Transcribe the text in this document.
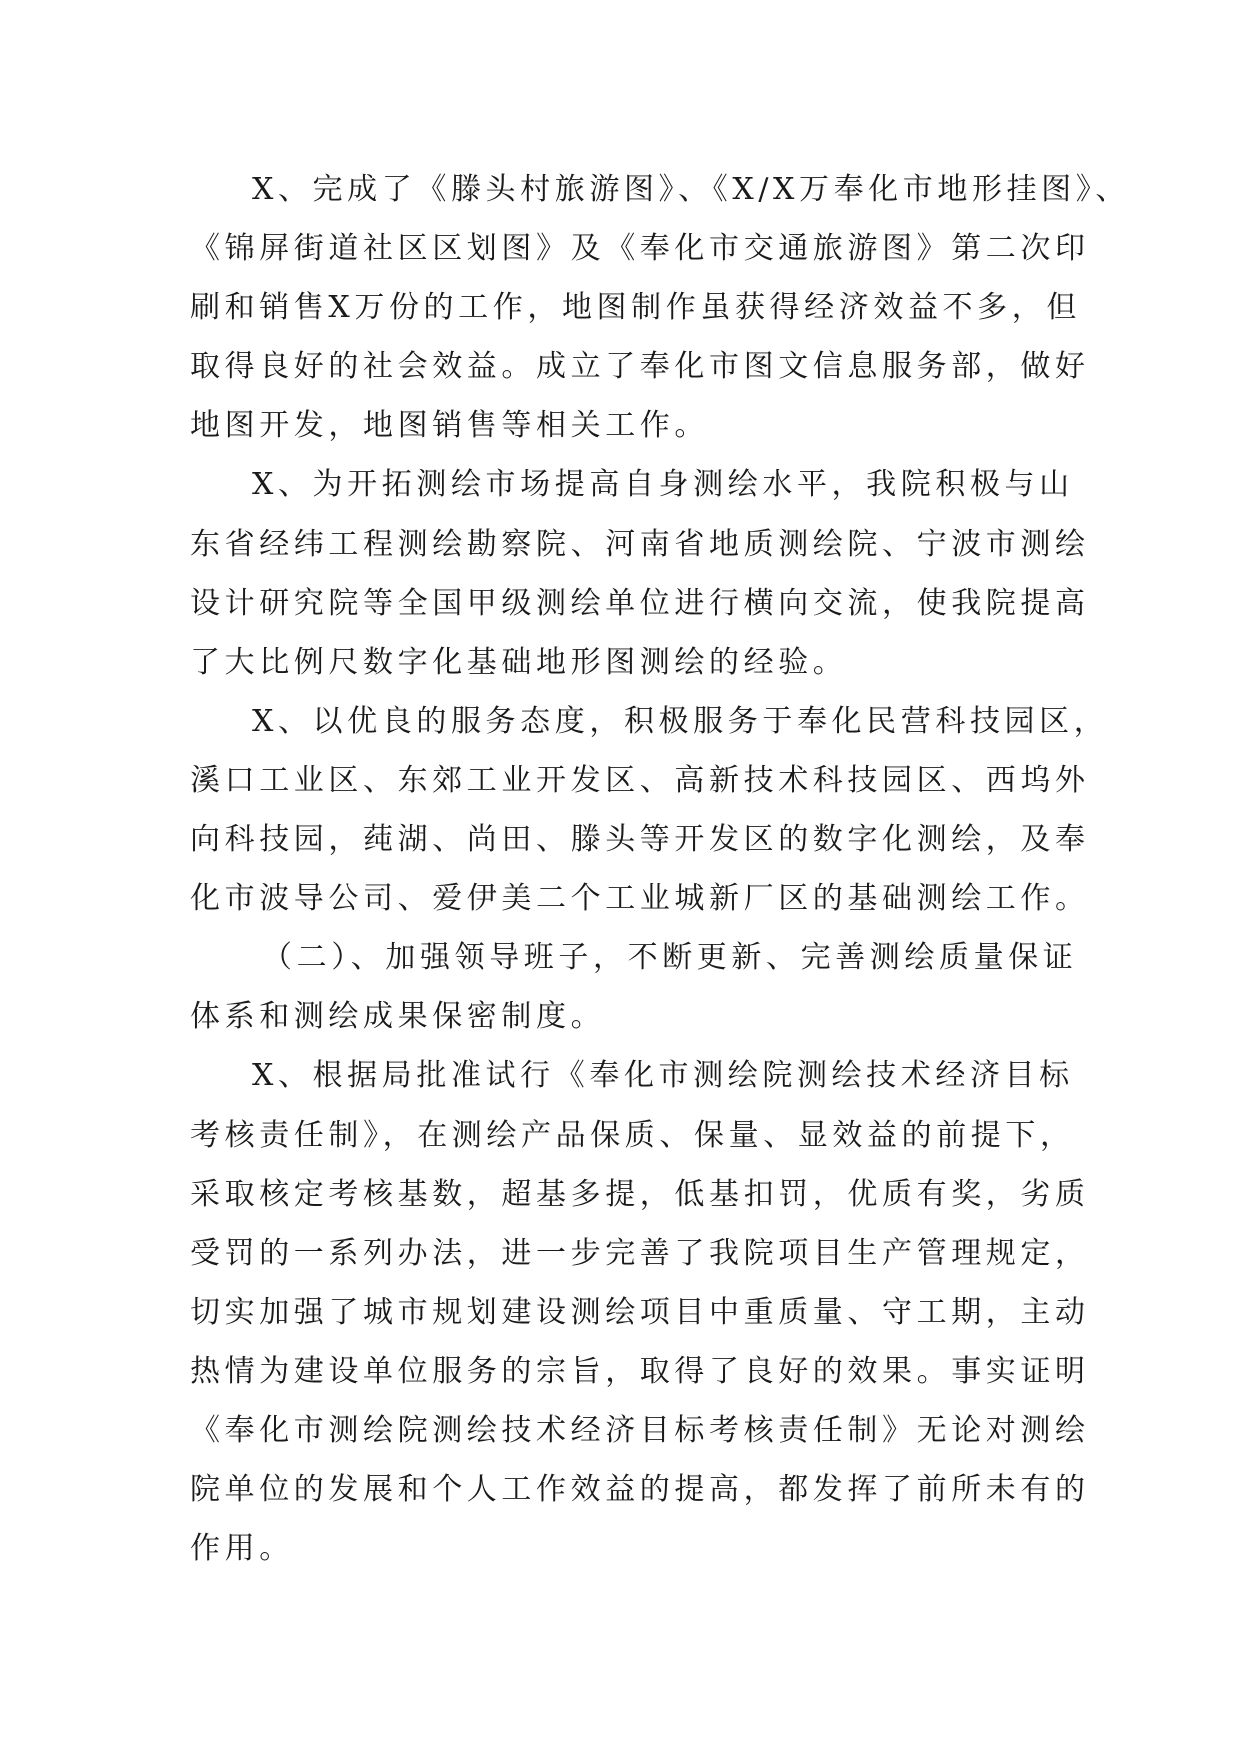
X、完成了《滕头村旅游图》、《X/X万奉化市地形挂图》、
《锦屏街道社区区划图》及《奉化市交通旅游图》第二次印
刷和销售X万份的工作，地图制作虽获得经济效益不多，但
取得良好的社会效益。成立了奉化市图文信息服务部，做好
地图开发，地图销售等相关工作。
X、为开拓测绘市场提高自身测绘水平，我院积极与山
东省经纬工程测绘勘察院、河南省地质测绘院、宁波市测绘
设计研究院等全国甲级测绘单位进行横向交流，使我院提高
了大比例尺数字化基础地形图测绘的经验。
X、以优良的服务态度，积极服务于奉化民营科技园区，
溪口工业区、东郊工业开发区、高新技术科技园区、西坞外
向科技园，莼湖、尚田、滕头等开发区的数字化测绘，及奉
化市波导公司、爱伊美二个工业城新厂区的基础测绘工作。
（二）、加强领导班子，不断更新、完善测绘质量保证
体系和测绘成果保密制度。
X、根据局批准试行《奉化市测绘院测绘技术经济目标
考核责任制》，在测绘产品保质、保量、显效益的前提下，
采取核定考核基数，超基多提，低基扣罚，优质有奖，劣质
受罚的一系列办法，进一步完善了我院项目生产管理规定，
切实加强了城市规划建设测绘项目中重质量、守工期，主动
热情为建设单位服务的宗旨，取得了良好的效果。事实证明
《奉化市测绘院测绘技术经济目标考核责任制》无论对测绘
院单位的发展和个人工作效益的提高，都发挥了前所未有的
作用。
